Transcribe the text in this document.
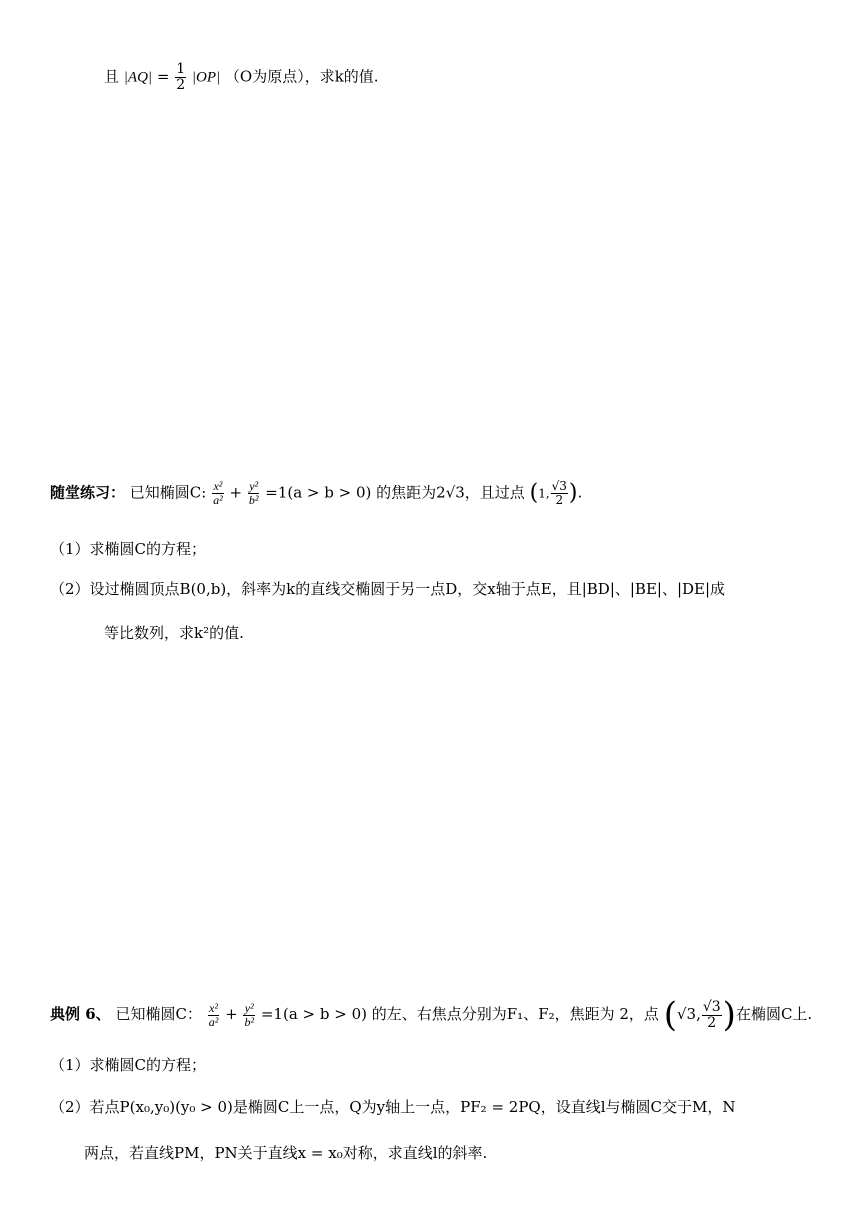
且 $|AQ| = \frac{1}{2} |OP|$ （O为原点），求k的值.
随堂练习： 已知椭圆C: $\frac{\text{x²}}{\text{a²}} + \frac{\text{y²}}{\text{b²}} =1(a > b > 0)$ 的焦距为2√3，且过点 (1, $\frac{√3}{2}$ ).
（1）求椭圆C的方程；
（2）设过椭圆顶点B(0,b)，斜率为k的直线交椭圆于另一点D，交x轴于点E，且|BD|、|BE|、|DE|成
等比数列，求k²的值.
典例 6、 已知椭圆C： $\frac{\text{x²}}{\text{a²}} + \frac{\text{y²}}{\text{b²}} =1(a > b > 0)$ 的左、右焦点分别为F₁、F₂，焦距为 2，点 (√3, $\frac{√3}{2}$ )在椭圆C上.
（1）求椭圆C的方程；
（2）若点P(x₀,y₀)(y₀ > 0)是椭圆C上一点，Q为y轴上一点，PF₂ = 2PQ，设直线l与椭圆C交于M，N
两点，若直线PM，PN关于直线x = x₀对称，求直线l的斜率.
